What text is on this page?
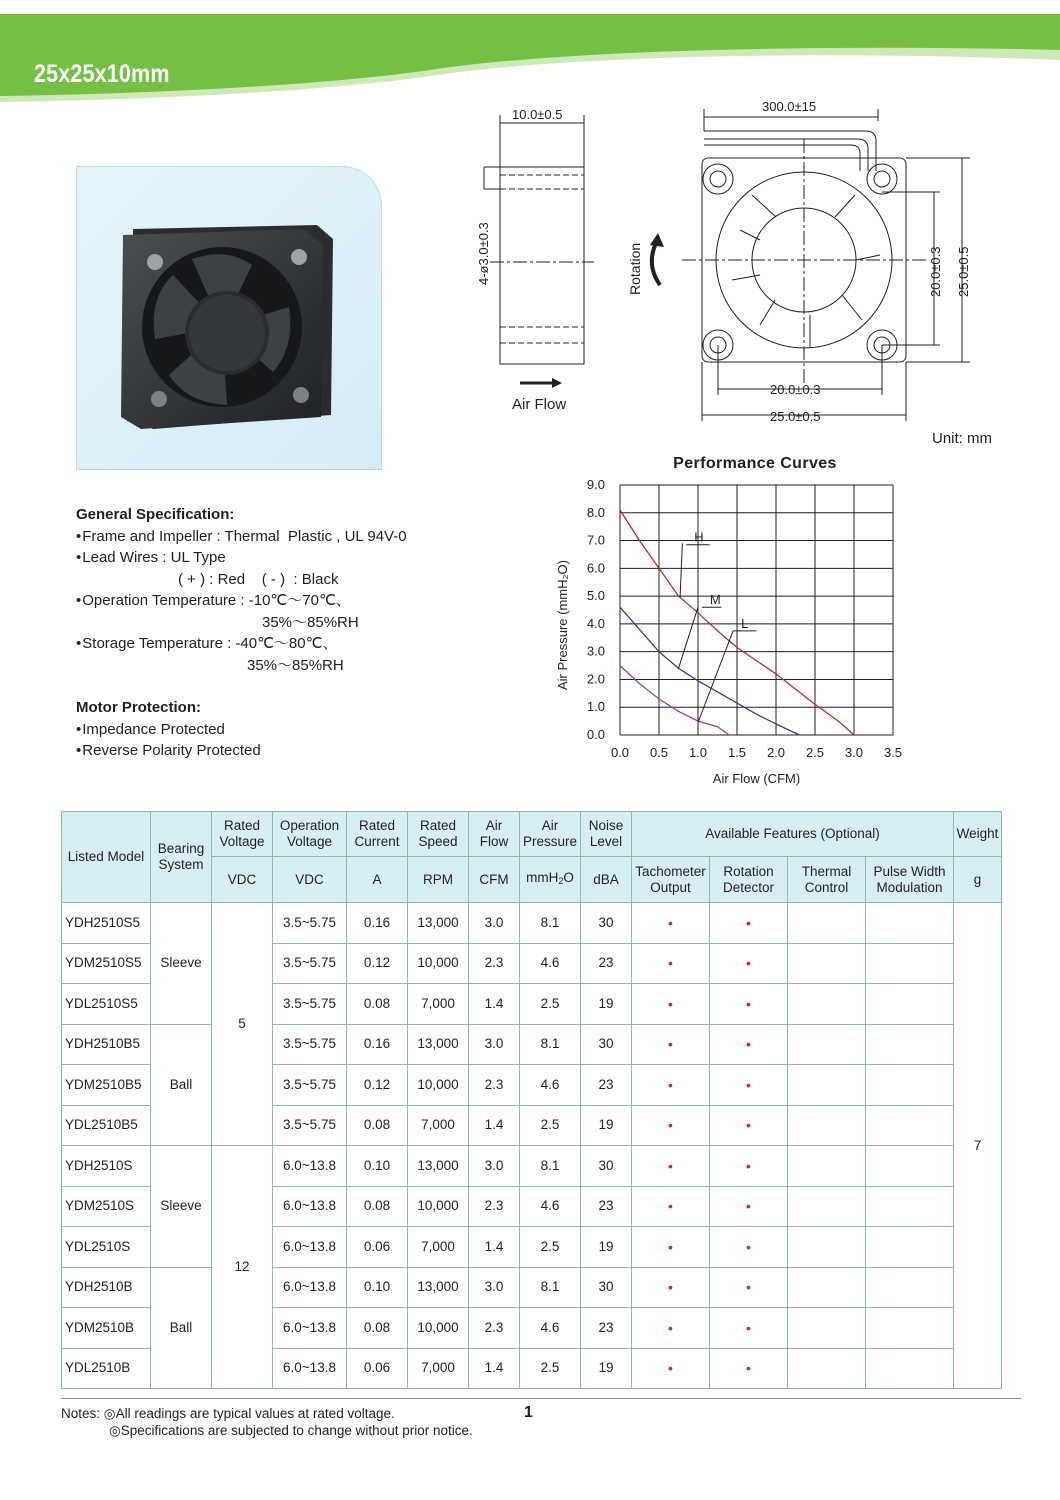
25x25x10mm
10.0±0.5
4-ø3.0±0.3
300.0±15
20.0±0.3 25.0±0.5
20.0±0.3
25.0±0.5
Rotation
Air Flow
Unit: mm
Performance Curves
0.0 0.5 1.0 1.5 2.0 2.5 3.0 3.5
0.0
1.0
2.0
3.0
4.0
5.0
6.0
7.0
8.0
9.0
H
M
L
Air Flow (CFM)
Air Pressure (mmH₂O)
General Specification:
• Frame and Impeller : Thermal  Plastic , UL 94V-0
• Lead Wires : UL Type
( + ) : Red    ( - )  : Black
• Operation Temperature : -10℃～70℃、
35%～85%RH
• Storage Temperature : -40℃～80℃、
35%～85%RH
Motor Protection:
• Impedance Protected
• Reverse Polarity Protected
Listed Model	Bearing System	Rated Voltage	Operation Voltage	Rated Current	Rated Speed	Air Flow	Air Pressure	Noise Level	Available Features (Optional)				Weight
		VDC	VDC	A	RPM	CFM	mmH$_2$O	dBA	Tachometer Output	Rotation Detector	Thermal Control	Pulse Width Modulation	g
YDH2510S5	Sleeve	5	3.5~5.75	0.16	13,000	3.0	8.1	30	•	•			7
YDM2510S5			3.5~5.75	0.12	10,000	2.3	4.6	23	•	•			
YDL2510S5			3.5~5.75	0.08	7,000	1.4	2.5	19	•	•			
YDH2510B5	Ball		3.5~5.75	0.16	13,000	3.0	8.1	30	•	•			
YDM2510B5			3.5~5.75	0.12	10,000	2.3	4.6	23	•	•			
YDL2510B5			3.5~5.75	0.08	7,000	1.4	2.5	19	•	•			
YDH2510S	Sleeve	12	6.0~13.8	0.10	13,000	3.0	8.1	30	•	•			
YDM2510S			6.0~13.8	0.08	10,000	2.3	4.6	23	•	•			
YDL2510S			6.0~13.8	0.06	7,000	1.4	2.5	19	•	•			
YDH2510B	Ball		6.0~13.8	0.10	13,000	3.0	8.1	30	•	•			
YDM2510B			6.0~13.8	0.08	10,000	2.3	4.6	23	•	•			
YDL2510B			6.0~13.8	0.06	7,000	1.4	2.5	19	•	•			
Notes: ◎All readings are typical values at rated voltage.
◎Specifications are subjected to change without prior notice.
1
